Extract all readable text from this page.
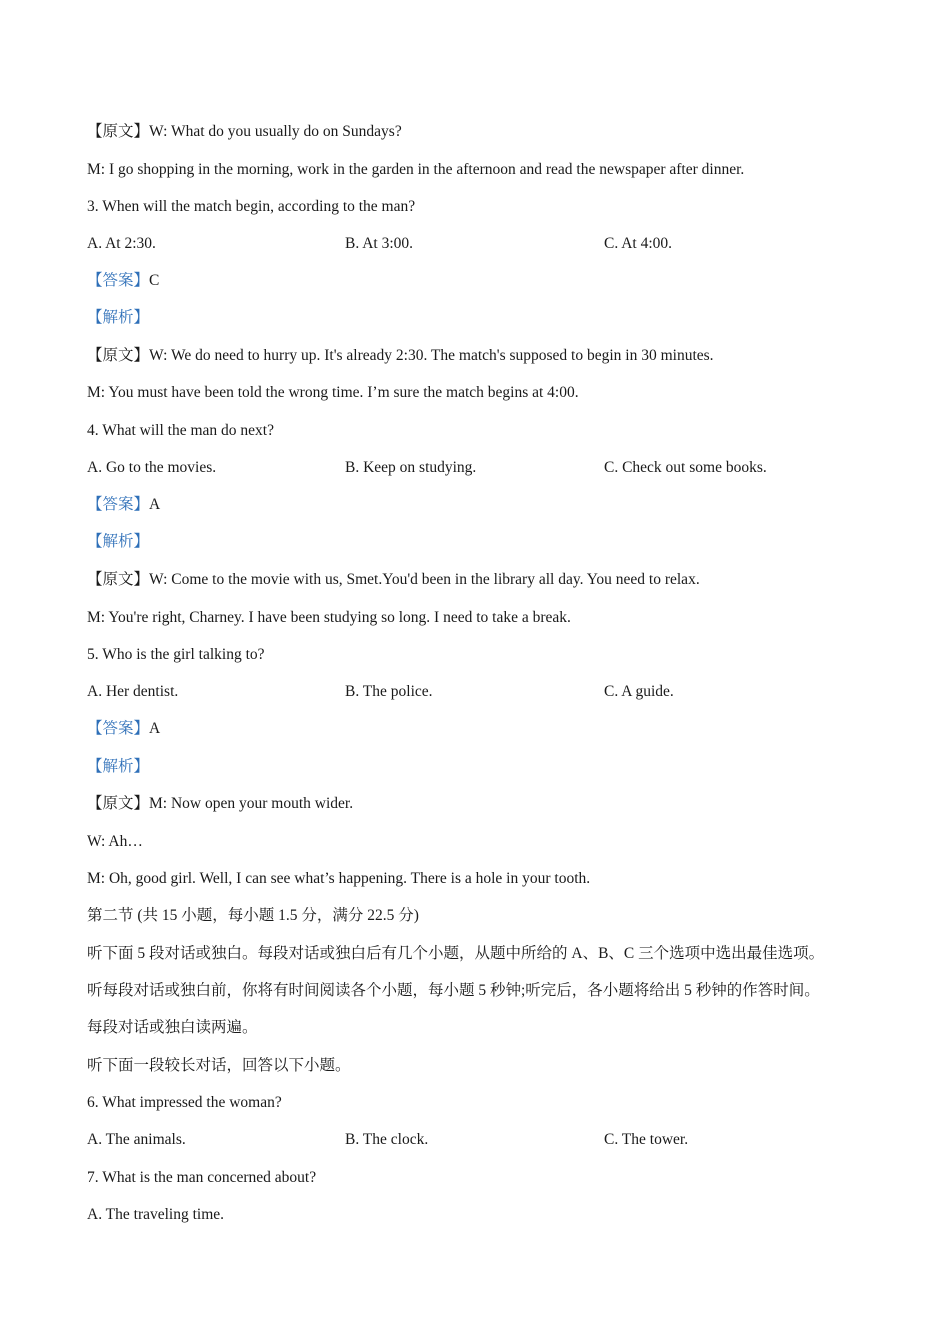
【原文】W: What do you usually do on Sundays?
M: I go shopping in the morning, work in the garden in the afternoon and read the newspaper after dinner.
3. When will the match begin, according to the man?
A. At 2:30.	B. At 3:00.	C. At 4:00.
【答案】C
【解析】
【原文】W: We do need to hurry up. It's already 2:30. The match's supposed to begin in 30 minutes.
M: You must have been told the wrong time. I’m sure the match begins at 4:00.
4. What will the man do next?
A. Go to the movies.	B. Keep on studying.	C. Check out some books.
【答案】A
【解析】
【原文】W: Come to the movie with us, Smet.You'd been in the library all day. You need to relax.
M: You're right, Charney. I have been studying so long. I need to take a break.
5. Who is the girl talking to?
A. Her dentist.	B. The police.	C. A guide.
【答案】A
【解析】
【原文】M: Now open your mouth wider.
W: Ah…
M: Oh, good girl. Well, I can see what’s happening. There is a hole in your tooth.
第二节 (共 15 小题，每小题 1.5 分，满分 22.5 分)
听下面 5 段对话或独白。每段对话或独白后有几个小题，从题中所给的 A、B、C 三个选项中选出最佳选项。
听每段对话或独白前，你将有时间阅读各个小题，每小题 5 秒钟;听完后，各小题将给出 5 秒钟的作答时间。
每段对话或独白读两遍。
听下面一段较长对话，回答以下小题。
6. What impressed the woman?
A. The animals.	B. The clock.	C. The tower.
7. What is the man concerned about?
A. The traveling time.
